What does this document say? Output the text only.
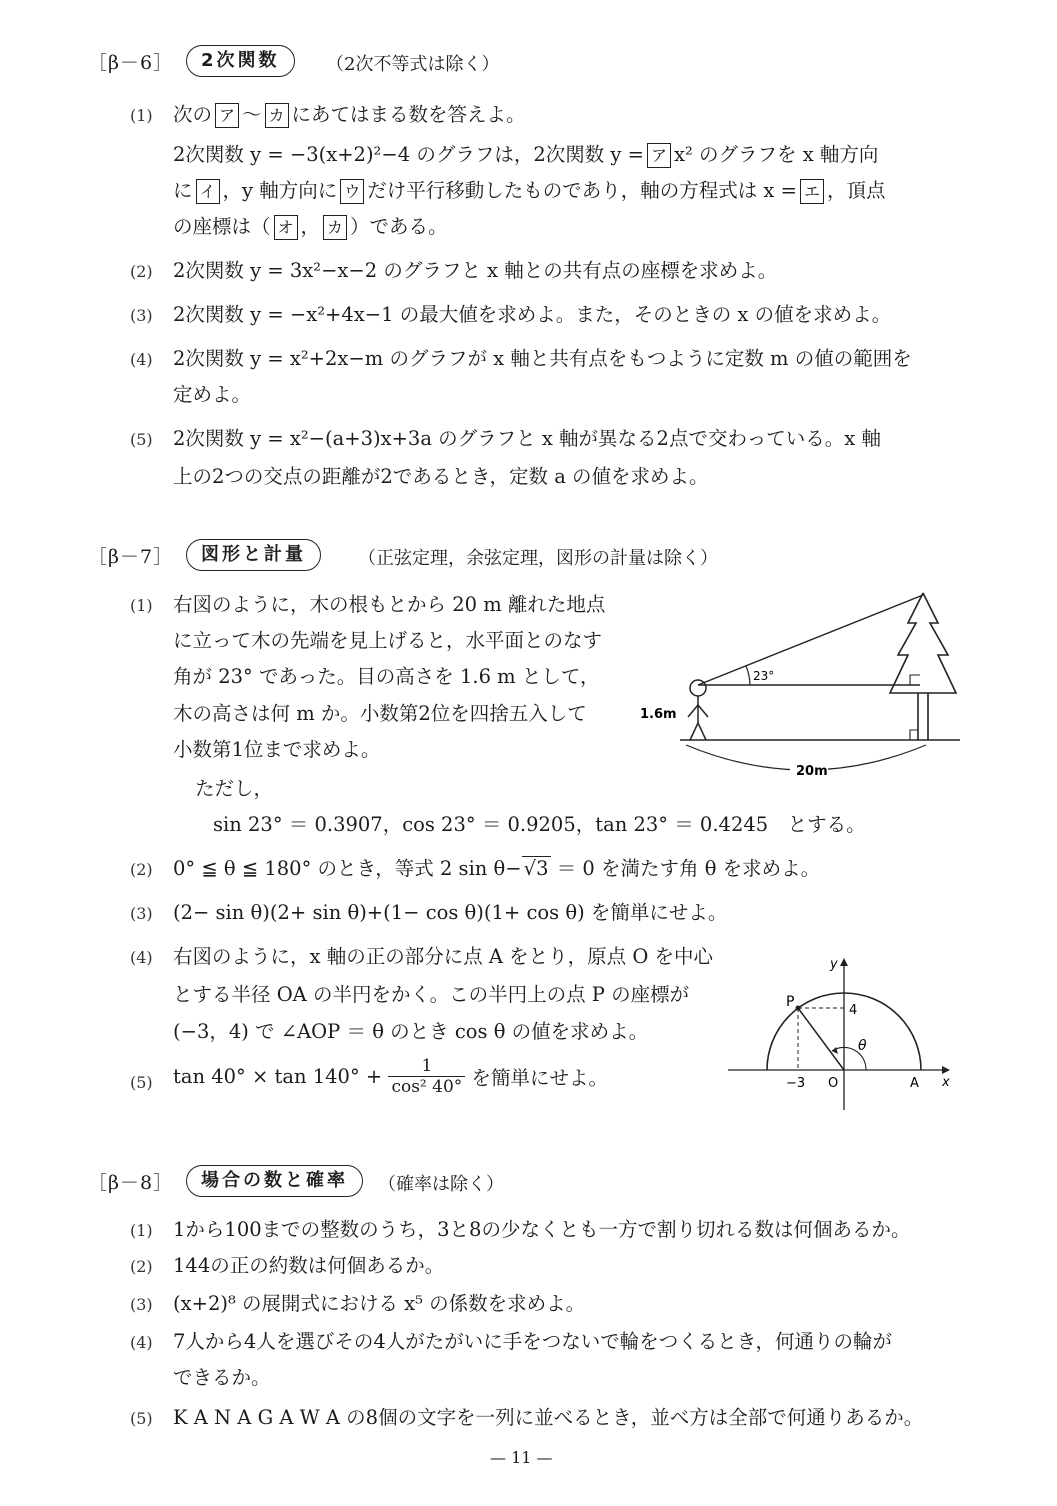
［β－6］	2次関数	（2次不等式は除く）
(1) 次の ア ～ カ にあてはまる数を答えよ。
2次関数 y = −3(x+2)²−4 のグラフは，2次関数 y = ア x² のグラフを x 軸方向
に イ ，y 軸方向に ウ だけ平行移動したものであり，軸の方程式は x = エ ，頂点
の座標は（ オ ， カ ）である。
(2) 2次関数 y = 3x²−x−2 のグラフと x 軸との共有点の座標を求めよ。
(3) 2次関数 y = −x²+4x−1 の最大値を求めよ。また，そのときの x の値を求めよ。
(4) 2次関数 y = x²+2x−m のグラフが x 軸と共有点をもつように定数 m の値の範囲を
定めよ。
(5) 2次関数 y = x²−(a+3)x+3a のグラフと x 軸が異なる2点で交わっている。x 軸
上の2つの交点の距離が2であるとき，定数 a の値を求めよ。
［β－7］	図形と計量	（正弦定理，余弦定理，図形の計量は除く）
(1) 右図のように，木の根もとから 20 m 離れた地点
に立って木の先端を見上げると，水平面とのなす
角が 23° であった。目の高さを 1.6 m として，
木の高さは何 m か。小数第2位を四捨五入して
小数第1位まで求めよ。
ただし，
sin 23° ＝ 0.3907，cos 23° ＝ 0.9205，tan 23° ＝ 0.4245　とする。
23°
1.6m
20m
(2) 0° ≦ θ ≦ 180° のとき，等式 2 sin θ− √3 ＝ 0 を満たす角 θ を求めよ。
(3) (2− sin θ)(2+ sin θ)+(1− cos θ)(1+ cos θ) を簡単にせよ。
(4) 右図のように，x 軸の正の部分に点 A をとり，原点 O を中心
とする半径 OA の半円をかく。この半円上の点 P の座標が
(−3，4) で ∠AOP ＝ θ のとき cos θ の値を求めよ。
y
x
P
4
θ
−3 O	A
(5) $\tan 40^\circ \times \tan 140^\circ + \frac{1}{\text{cos² 40°}}$ を簡単にせよ。
［β－8］	場合の数と確率	（確率は除く）
(1) 1から100までの整数のうち，3と8の少なくとも一方で割り切れる数は何個あるか。
(2) 144の正の約数は何個あるか。
(3) (x+2)⁸ の展開式における x⁵ の係数を求めよ。
(4) 7人から4人を選びその4人がたがいに手をつないで輪をつくるとき，何通りの輪が
できるか。
(5) K A N A G A W A の8個の文字を一列に並べるとき，並べ方は全部で何通りあるか。
— 11 —
